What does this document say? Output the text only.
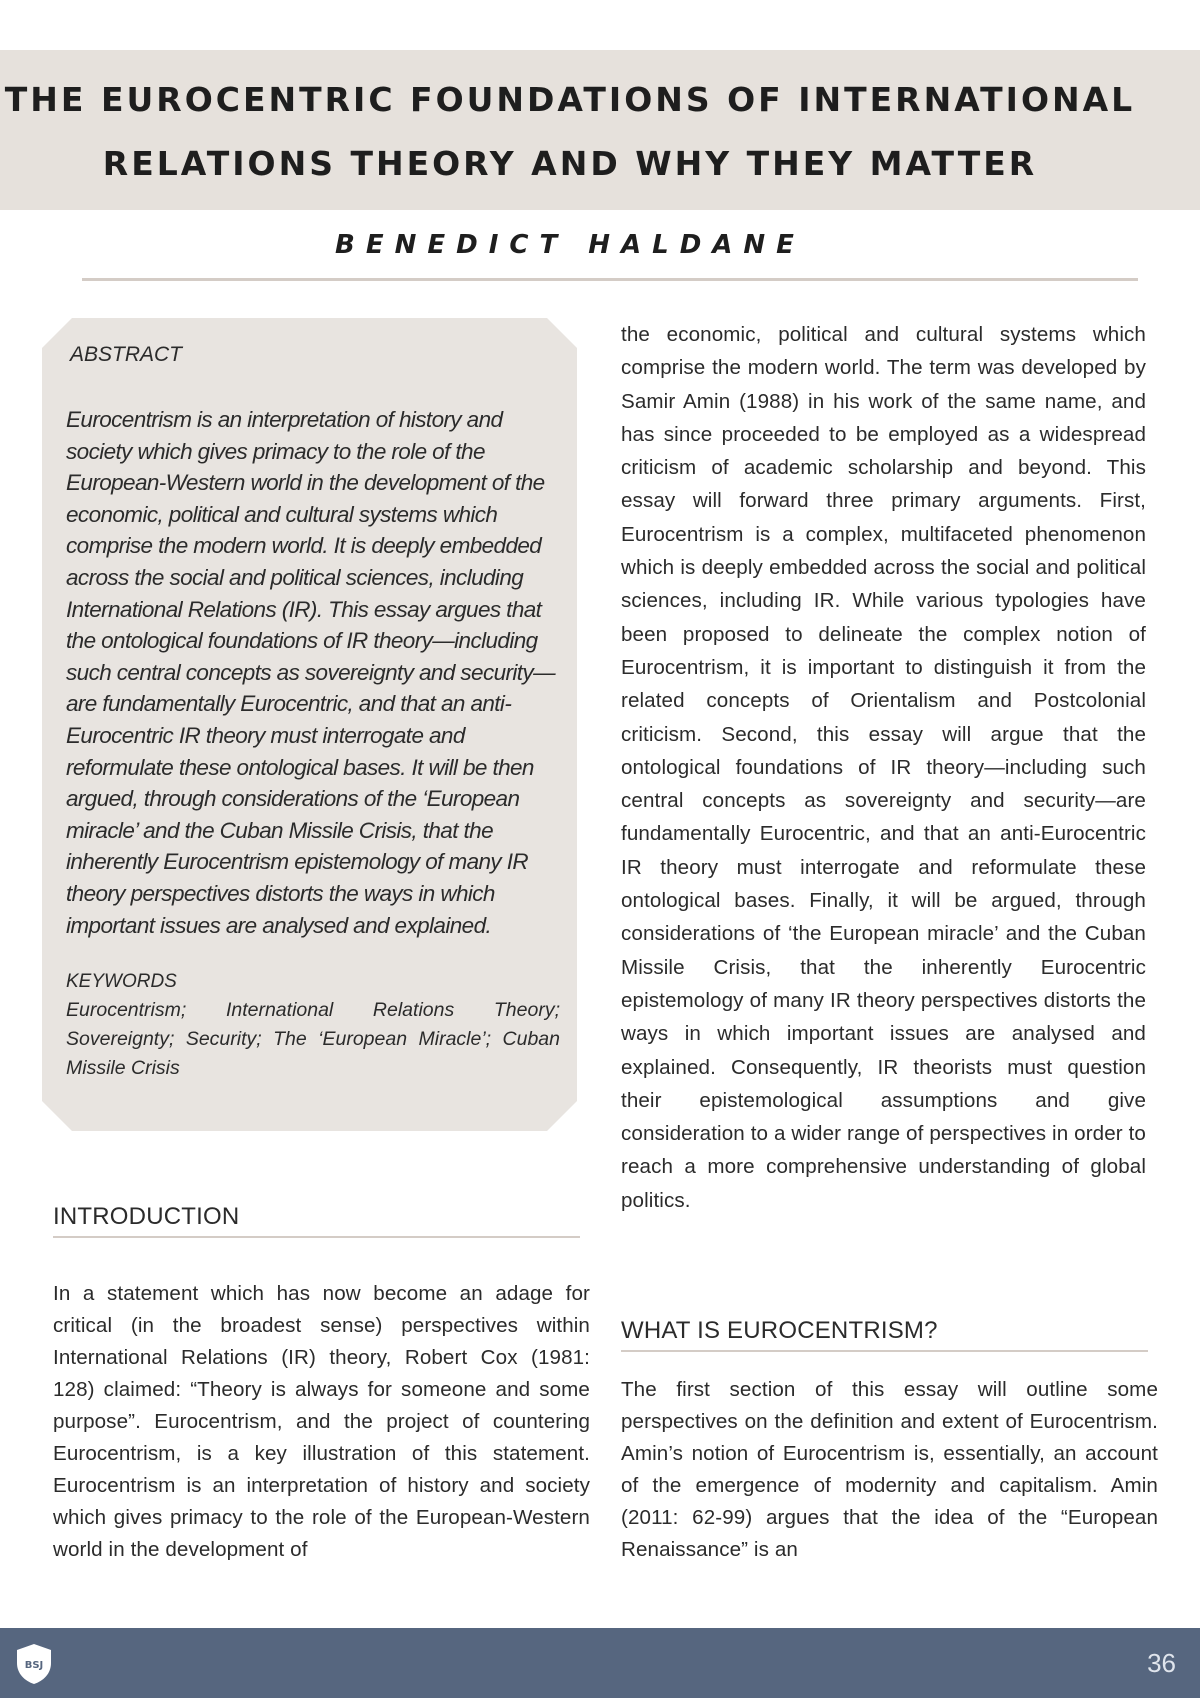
THE EUROCENTRIC FOUNDATIONS OF INTERNATIONAL
RELATIONS THEORY AND WHY THEY MATTER
BENEDICT HALDANE
ABSTRACT

Eurocentrism is an interpretation of history and society which gives primacy to the role of the European-Western world in the development of the economic, political and cultural systems which comprise the modern world. It is deeply embedded across the social and political sciences, including International Relations (IR). This essay argues that the ontological foundations of IR theory—including such central concepts as sovereignty and security—are fundamentally Eurocentric, and that an anti-Eurocentric IR theory must interrogate and reformulate these ontological bases. It will be then argued, through considerations of the ‘European miracle’ and the Cuban Missile Crisis, that the inherently Eurocentrism epistemology of many IR theory perspectives distorts the ways in which important issues are analysed and explained.

KEYWORDS

Eurocentrism; International Relations Theory; Sovereignty; Security; The ‘European Miracle’; Cuban Missile Crisis

INTRODUCTION

In a statement which has now become an adage for critical (in the broadest sense) perspectives within International Relations (IR) theory, Robert Cox (1981: 128) claimed: “Theory is always for someone and some purpose”. Eurocentrism, and the project of countering Eurocentrism, is a key illustration of this statement. Eurocentrism is an interpretation of history and society which gives primacy to the role of the European-Western world in the development of

the economic, political and cultural systems which comprise the modern world. The term was developed by Samir Amin (1988) in his work of the same name, and has since proceeded to be employed as a widespread criticism of academic scholarship and beyond. This essay will forward three primary arguments. First, Eurocentrism is a complex, multifaceted phenomenon which is deeply embedded across the social and political sciences, including IR. While various typologies have been proposed to delineate the complex notion of Eurocentrism, it is important to distinguish it from the related concepts of Orientalism and Postcolonial criticism. Second, this essay will argue that the ontological foundations of IR theory—including such central concepts as sovereignty and security—are fundamentally Eurocentric, and that an anti-Eurocentric IR theory must interrogate and reformulate these ontological bases. Finally, it will be argued, through considerations of ‘the European miracle’ and the Cuban Missile Crisis, that the inherently Eurocentric epistemology of many IR theory perspectives distorts the ways in which important issues are analysed and explained. Consequently, IR theorists must question their epistemological assumptions and give consideration to a wider range of perspectives in order to reach a more comprehensive understanding of global politics.

WHAT IS EUROCENTRISM?

The first section of this essay will outline some perspectives on the definition and extent of Eurocentrism. Amin’s notion of Eurocentrism is, essentially, an account of the emergence of modernity and capitalism. Amin (2011: 62-99) argues that the idea of the “European Renaissance” is an

BSJ	36
